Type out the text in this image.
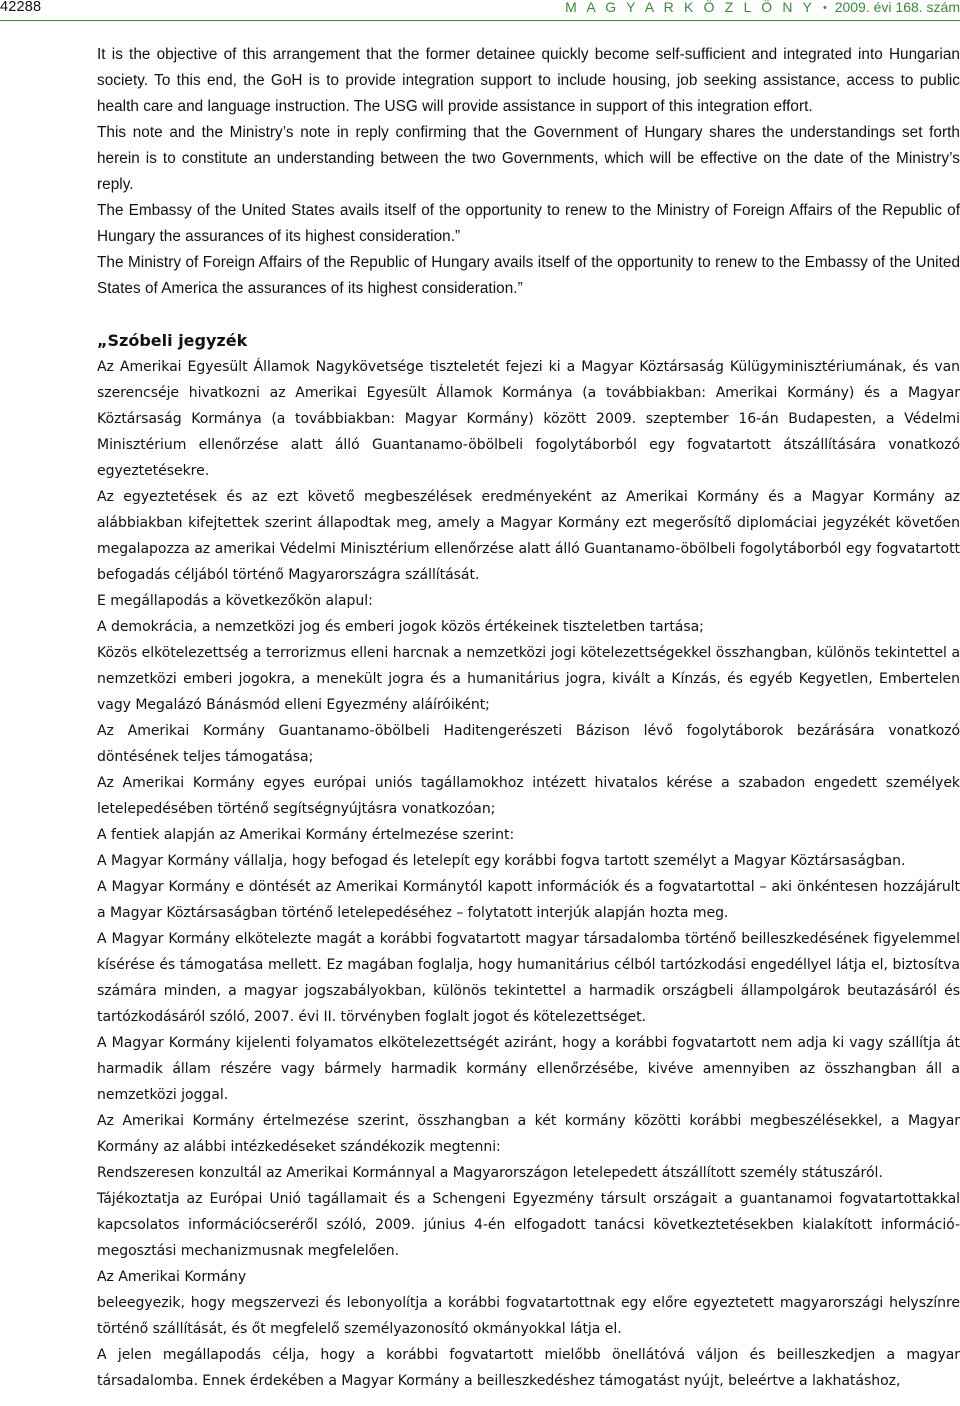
42288	M A G Y A R K Ö Z L Ö N Y • 2009. évi 168. szám

It is the objective of this arrangement that the former detainee quickly become self-sufficient and integrated into Hungarian society. To this end, the GoH is to provide integration support to include housing, job seeking assistance, access to public health care and language instruction. The USG will provide assistance in support of this integration effort.

This note and the Ministry’s note in reply confirming that the Government of Hungary shares the understandings set forth herein is to constitute an understanding between the two Governments, which will be effective on the date of the Ministry’s reply.

The Embassy of the United States avails itself of the opportunity to renew to the Ministry of Foreign Affairs of the Republic of Hungary the assurances of its highest consideration.”

The Ministry of Foreign Affairs of the Republic of Hungary avails itself of the opportunity to renew to the Embassy of the United States of America the assurances of its highest consideration.”

„Szóbeli jegyzék

Az Amerikai Egyesült Államok Nagykövetsége tiszteletét fejezi ki a Magyar Köztársaság Külügyminisztériumának, és van szerencséje hivatkozni az Amerikai Egyesült Államok Kormánya (a továbbiakban: Amerikai Kormány) és a Magyar Köztársaság Kormánya (a továbbiakban: Magyar Kormány) között 2009. szeptember 16-án Budapesten, a Védelmi Minisztérium ellenőrzése alatt álló Guantanamo-öbölbeli fogolytáborból egy fogvatartott átszállítására vonatkozó egyeztetésekre.

Az egyeztetések és az ezt követő megbeszélések eredményeként az Amerikai Kormány és a Magyar Kormány az alábbiakban kifejtettek szerint állapodtak meg, amely a Magyar Kormány ezt megerősítő diplomáciai jegyzékét követően megalapozza az amerikai Védelmi Minisztérium ellenőrzése alatt álló Guantanamo-öbölbeli fogolytáborból egy fogvatartott befogadás céljából történő Magyarországra szállítását.

E megállapodás a következőkön alapul:

A demokrácia, a nemzetközi jog és emberi jogok közös értékeinek tiszteletben tartása;

Közös elkötelezettség a terrorizmus elleni harcnak a nemzetközi jogi kötelezettségekkel összhangban, különös tekintettel a nemzetközi emberi jogokra, a menekült jogra és a humanitárius jogra, kivált a Kínzás, és egyéb Kegyetlen, Embertelen vagy Megalázó Bánásmód elleni Egyezmény aláíróiként;

Az Amerikai Kormány Guantanamo-öbölbeli Haditengerészeti Bázison lévő fogolytáborok bezárására vonatkozó döntésének teljes támogatása;

Az Amerikai Kormány egyes európai uniós tagállamokhoz intézett hivatalos kérése a szabadon engedett személyek letelepedésében történő segítségnyújtásra vonatkozóan;

A fentiek alapján az Amerikai Kormány értelmezése szerint:

A Magyar Kormány vállalja, hogy befogad és letelepít egy korábbi fogva tartott személyt a Magyar Köztársaságban.

A Magyar Kormány e döntését az Amerikai Kormánytól kapott információk és a fogvatartottal – aki önkéntesen hozzájárult a Magyar Köztársaságban történő letelepedéséhez – folytatott interjúk alapján hozta meg.

A Magyar Kormány elkötelezte magát a korábbi fogvatartott magyar társadalomba történő beilleszkedésének figyelemmel kísérése és támogatása mellett. Ez magában foglalja, hogy humanitárius célból tartózkodási engedéllyel látja el, biztosítva számára minden, a magyar jogszabályokban, különös tekintettel a harmadik országbeli állampolgárok beutazásáról és tartózkodásáról szóló, 2007. évi II. törvényben foglalt jogot és kötelezettséget.

A Magyar Kormány kijelenti folyamatos elkötelezettségét aziránt, hogy a korábbi fogvatartott nem adja ki vagy szállítja át harmadik állam részére vagy bármely harmadik kormány ellenőrzésébe, kivéve amennyiben az összhangban áll a nemzetközi joggal.

Az Amerikai Kormány értelmezése szerint, összhangban a két kormány közötti korábbi megbeszélésekkel, a Magyar Kormány az alábbi intézkedéseket szándékozik megtenni:

Rendszeresen konzultál az Amerikai Kormánnyal a Magyarországon letelepedett átszállított személy státuszáról.

Tájékoztatja az Európai Unió tagállamait és a Schengeni Egyezmény társult országait a guantanamoi fogvatartottakkal kapcsolatos információcseréről szóló, 2009. június 4-én elfogadott tanácsi következtetésekben kialakított információ-megosztási mechanizmusnak megfelelően.

Az Amerikai Kormány

beleegyezik, hogy megszervezi és lebonyolítja a korábbi fogvatartottnak egy előre egyeztetett magyarországi helyszínre történő szállítását, és őt megfelelő személyazonosító okmányokkal látja el.

A jelen megállapodás célja, hogy a korábbi fogvatartott mielőbb önellátóvá váljon és beilleszkedjen a magyar társadalomba. Ennek érdekében a Magyar Kormány a beilleszkedéshez támogatást nyújt, beleértve a lakhatáshoz,
